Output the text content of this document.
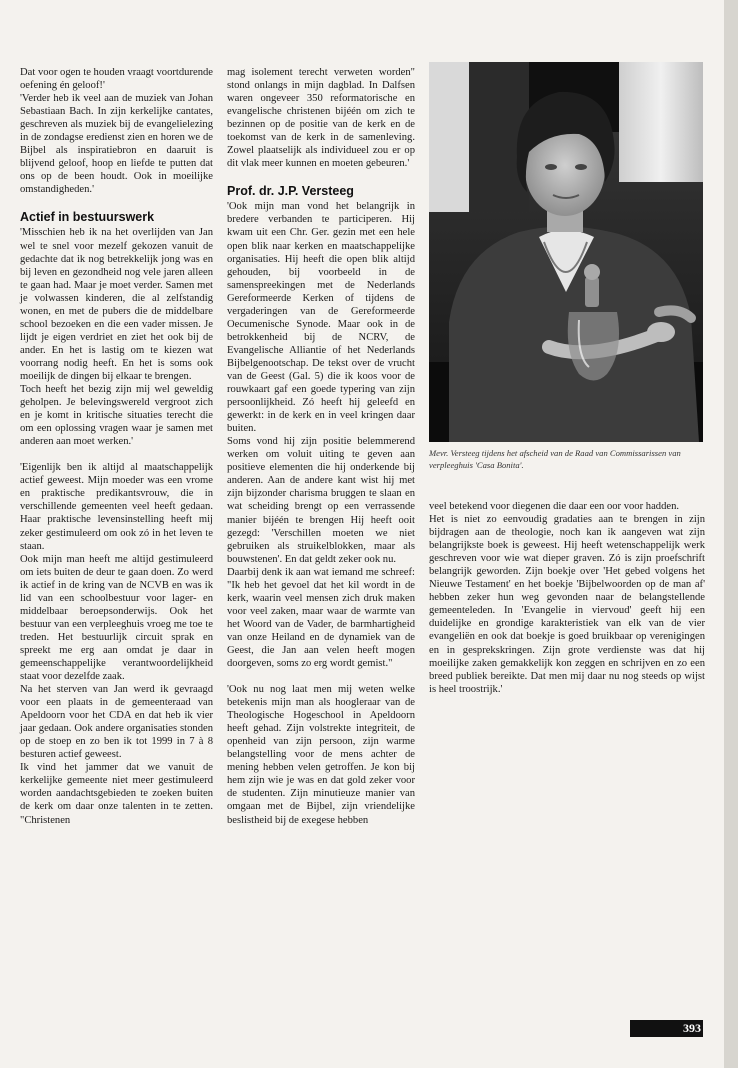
Dat voor ogen te houden vraagt voortdurende oefening én geloof!'

'Verder heb ik veel aan de muziek van Johan Sebastiaan Bach. In zijn kerkelijke cantates, geschreven als muziek bij de evangelielezing in de zondagse eredienst zien en horen we de Bijbel als inspiratiebron en daaruit is blijvend geloof, hoop en liefde te putten dat ons op de been houdt. Ook in moeilijke omstandigheden.'

Actief in bestuurswerk

'Misschien heb ik na het overlijden van Jan wel te snel voor mezelf gekozen vanuit de gedachte dat ik nog betrekkelijk jong was en bij leven en gezondheid nog vele jaren alleen te gaan had. Maar je moet verder. Samen met je volwassen kinderen, die al zelfstandig wonen, en met de pubers die de middelbare school bezoeken en die een vader missen. Je lijdt je eigen verdriet en ziet het ook bij de ander. En het is lastig om te kiezen wat voorrang nodig heeft. En het is soms ook moeilijk de dingen bij elkaar te brengen.

Toch heeft het bezig zijn mij wel geweldig geholpen. Je belevingswereld vergroot zich en je komt in kritische situaties terecht die om een oplossing vragen waar je samen met anderen aan moet werken.'

'Eigenlijk ben ik altijd al maatschappelijk actief geweest. Mijn moeder was een vrome en praktische predikantsvrouw, die in verschillende gemeenten veel heeft gedaan. Haar praktische levensinstelling heeft mij zeker gestimuleerd om ook zó in het leven te staan.

Ook mijn man heeft me altijd gestimuleerd om iets buiten de deur te gaan doen. Zo werd ik actief in de kring van de NCVB en was ik lid van een schoolbestuur voor lager- en middelbaar beroepsonderwijs. Ook het bestuur van een verpleeghuis vroeg me toe te treden. Het bestuurlijk circuit sprak en spreekt me erg aan omdat je daar in gemeenschappelijke verantwoordelijkheid staat voor dezelfde zaak.

Na het sterven van Jan werd ik gevraagd voor een plaats in de gemeenteraad van Apeldoorn voor het CDA en dat heb ik vier jaar gedaan. Ook andere organisaties stonden op de stoep en zo ben ik tot 1999 in 7 à 8 besturen actief geweest.

Ik vind het jammer dat we vanuit de kerkelijke gemeente niet meer gestimuleerd worden aandachtsgebieden te zoeken buiten de kerk om daar onze talenten in te zetten. "Christenen

mag isolement terecht verweten worden" stond onlangs in mijn dagblad. In Dalfsen waren ongeveer 350 reformatorische en evangelische christenen bijéén om zich te bezinnen op de positie van de kerk en de toekomst van de kerk in de samenleving. Zowel plaatselijk als individueel zou er op dit vlak meer kunnen en moeten gebeuren.'

Prof. dr. J.P. Versteeg

'Ook mijn man vond het belangrijk in bredere verbanden te participeren. Hij kwam uit een Chr. Ger. gezin met een hele open blik naar kerken en maatschappelijke organisaties. Hij heeft die open blik altijd gehouden, bij voorbeeld in de samenspreekingen met de Nederlands Gereformeerde Kerken of tijdens de vergaderingen van de Gereformeerde Oecumenische Synode. Maar ook in de betrokkenheid bij de NCRV, de Evangelische Alliantie of het Nederlands Bijbelgenootschap. De tekst over de vrucht van de Geest (Gal. 5) die ik koos voor de rouwkaart gaf een goede typering van zijn persoonlijkheid. Zó heeft hij geleefd en gewerkt: in de kerk en in veel kringen daar buiten.

Soms vond hij zijn positie belemmerend werken om voluit uiting te geven aan positieve elementen die hij onderkende bij anderen. Aan de andere kant wist hij met zijn bijzonder charisma bruggen te slaan en wat scheiding brengt op een verrassende manier bijéén te brengen Hij heeft ooit gezegd: 'Verschillen moeten we niet gebruiken als struikelblokken, maar als bouwstenen'. En dat geldt zeker ook nu.

Daarbij denk ik aan wat iemand me schreef: "Ik heb het gevoel dat het kil wordt in de kerk, waarin veel mensen zich druk maken voor veel zaken, maar waar de warmte van het Woord van de Vader, de barmhartigheid van onze Heiland en de dynamiek van de Geest, die Jan aan velen heeft mogen doorgeven, soms zo erg wordt gemist."

'Ook nu nog laat men mij weten welke betekenis mijn man als hoogleraar van de Theologische Hogeschool in Apeldoorn heeft gehad. Zijn volstrekte integriteit, de openheid van zijn persoon, zijn warme belangstelling voor de mens achter de mening hebben velen getroffen. Je kon bij hem zijn wie je was en dat gold zeker voor de studenten. Zijn minutieuze manier van omgaan met de Bijbel, zijn vriendelijke beslistheid bij de exegese hebben

Mevr. Versteeg tijdens het afscheid van de Raad van Commissarissen van verpleeghuis 'Casa Bonita'.

veel betekend voor diegenen die daar een oor voor hadden.

Het is niet zo eenvoudig gradaties aan te brengen in zijn bijdragen aan de theologie, noch kan ik aangeven wat zijn belangrijkste boek is geweest. Hij heeft wetenschappelijk werk geschreven voor wie wat dieper graven. Zó is zijn proefschrift belangrijk geworden. Zijn boekje over 'Het gebed volgens het Nieuwe Testament' en het boekje 'Bijbelwoorden op de man af' hebben zeker hun weg gevonden naar de belangstellende gemeenteleden. In 'Evangelie in viervoud' geeft hij een duidelijke en grondige karakteristiek van elk van de vier evangeliën en ook dat boekje is goed bruikbaar op verenigingen en in gesprekskringen. Zijn grote verdienste was dat hij moeilijke zaken gemakkelijk kon zeggen en schrijven en zo een breed publiek bereikte. Dat men mij daar nu nog steeds op wijst is heel troostrijk.'

393
